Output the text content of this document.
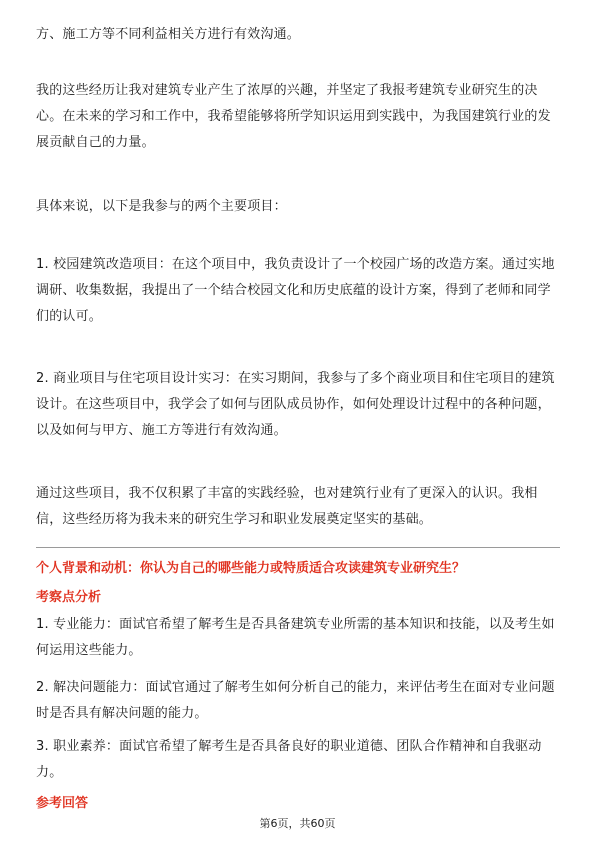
方、施工方等不同利益相关方进行有效沟通。

我的这些经历让我对建筑专业产生了浓厚的兴趣，并坚定了我报考建筑专业研究生的决心。在未来的学习和工作中，我希望能够将所学知识运用到实践中，为我国建筑行业的发展贡献自己的力量。

具体来说，以下是我参与的两个主要项目：

1. 校园建筑改造项目：在这个项目中，我负责设计了一个校园广场的改造方案。通过实地调研、收集数据，我提出了一个结合校园文化和历史底蕴的设计方案，得到了老师和同学们的认可。

2. 商业项目与住宅项目设计实习：在实习期间，我参与了多个商业项目和住宅项目的建筑设计。在这些项目中，我学会了如何与团队成员协作，如何处理设计过程中的各种问题，以及如何与甲方、施工方等进行有效沟通。

通过这些项目，我不仅积累了丰富的实践经验，也对建筑行业有了更深入的认识。我相信，这些经历将为我未来的研究生学习和职业发展奠定坚实的基础。

个人背景和动机：你认为自己的哪些能力或特质适合攻读建筑专业研究生？

考察点分析

1. 专业能力：面试官希望了解考生是否具备建筑专业所需的基本知识和技能，以及考生如何运用这些能力。

2. 解决问题能力：面试官通过了解考生如何分析自己的能力，来评估考生在面对专业问题时是否具有解决问题的能力。

3. 职业素养：面试官希望了解考生是否具备良好的职业道德、团队合作精神和自我驱动力。

参考回答

第6页，共60页
